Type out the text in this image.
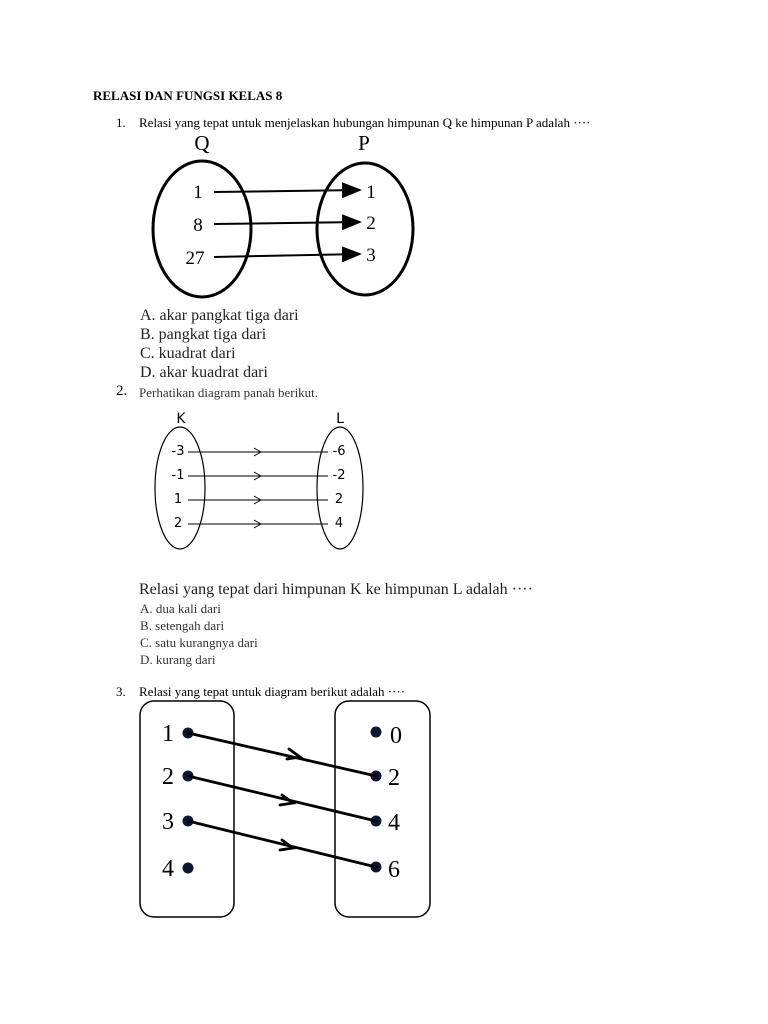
RELASI DAN FUNGSI KELAS 8
1. Relasi yang tepat untuk menjelaskan hubungan himpunan Q ke himpunan P adalah ····
Q	P
1
8
27
1
2
3
A. akar pangkat tiga dari
B. pangkat tiga dari
C. kuadrat dari
D. akar kuadrat dari
2. Perhatikan diagram panah berikut.
K	L
-3
-1
1
2
-6
-2
2
4
Relasi yang tepat dari himpunan K ke himpunan L adalah ····
A. dua kali dari
B. setengah dari
C. satu kurangnya dari
D. kurang dari
3. Relasi yang tepat untuk diagram berikut adalah ····
1
2
3
4
0
2
4
6
